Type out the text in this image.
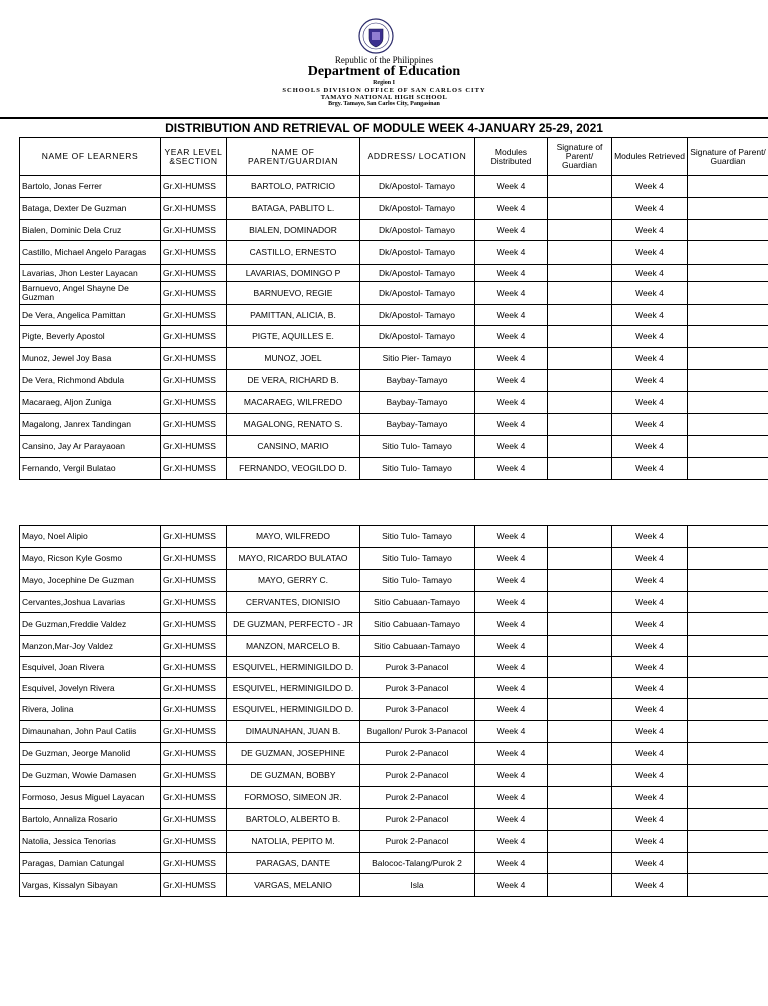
Republic of the Philippines
Department of Education
Region I
SCHOOLS DIVISION OFFICE OF SAN CARLOS CITY
TAMAYO NATIONAL HIGH SCHOOL
Brgy. Tamayo, San Carlos City, Pangasinan
DISTRIBUTION AND RETRIEVAL OF MODULE WEEK 4-JANUARY 25-29, 2021
NAME OF LEARNERS	YEAR LEVEL &SECTION	NAME OF PARENT/GUARDIAN	ADDRESS/ LOCATION	Modules Distributed	Signature of Parent/ Guardian	Modules Retrieved	Signature of Parent/ Guardian
Bartolo, Jonas Ferrer	Gr.XI-HUMSS	BARTOLO, PATRICIO	Dk/Apostol- Tamayo	Week 4		Week 4	
Bataga, Dexter De Guzman	Gr.XI-HUMSS	BATAGA, PABLITO L.	Dk/Apostol- Tamayo	Week 4		Week 4	
Bialen, Dominic Dela Cruz	Gr.XI-HUMSS	BIALEN, DOMINADOR	Dk/Apostol- Tamayo	Week 4		Week 4	
Castillo, Michael Angelo Paragas	Gr.XI-HUMSS	CASTILLO, ERNESTO	Dk/Apostol- Tamayo	Week 4		Week 4	
Lavarias, Jhon Lester Layacan	Gr.XI-HUMSS	LAVARIAS, DOMINGO P	Dk/Apostol- Tamayo	Week 4		Week 4	
Barnuevo, Angel Shayne De Guzman	Gr.XI-HUMSS	BARNUEVO, REGIE	Dk/Apostol- Tamayo	Week 4		Week 4	
De Vera, Angelica Pamittan	Gr.XI-HUMSS	PAMITTAN, ALICIA, B.	Dk/Apostol- Tamayo	Week 4		Week 4	
Pigte, Beverly Apostol	Gr.XI-HUMSS	PIGTE, AQUILLES E.	Dk/Apostol- Tamayo	Week 4		Week 4	
Munoz, Jewel Joy Basa	Gr.XI-HUMSS	MUNOZ, JOEL	Sitio Pier- Tamayo	Week 4		Week 4	
De Vera, Richmond Abdula	Gr.XI-HUMSS	DE VERA, RICHARD B.	Baybay-Tamayo	Week 4		Week 4	
Macaraeg, Aljon Zuniga	Gr.XI-HUMSS	MACARAEG, WILFREDO	Baybay-Tamayo	Week 4		Week 4	
Magalong, Janrex Tandingan	Gr.XI-HUMSS	MAGALONG, RENATO S.	Baybay-Tamayo	Week 4		Week 4	
Cansino, Jay Ar Parayaoan	Gr.XI-HUMSS	CANSINO, MARIO	Sitio Tulo- Tamayo	Week 4		Week 4	
Fernando, Vergil Bulatao	Gr.XI-HUMSS	FERNANDO, VEOGILDO D.	Sitio Tulo- Tamayo	Week 4		Week 4	
Mayo, Noel Alipio	Gr.XI-HUMSS	MAYO, WILFREDO	Sitio Tulo- Tamayo	Week 4		Week 4	
Mayo, Ricson Kyle Gosmo	Gr.XI-HUMSS	MAYO, RICARDO BULATAO	Sitio Tulo- Tamayo	Week 4		Week 4	
Mayo, Jocephine De Guzman	Gr.XI-HUMSS	MAYO, GERRY C.	Sitio Tulo- Tamayo	Week 4		Week 4	
Cervantes,Joshua Lavarias	Gr.XI-HUMSS	CERVANTES, DIONISIO	Sitio Cabuaan-Tamayo	Week 4		Week 4	
De Guzman,Freddie Valdez	Gr.XI-HUMSS	DE GUZMAN, PERFECTO - JR	Sitio Cabuaan-Tamayo	Week 4		Week 4	
Manzon,Mar-Joy Valdez	Gr.XI-HUMSS	MANZON, MARCELO B.	Sitio Cabuaan-Tamayo	Week 4		Week 4	
Esquivel, Joan Rivera	Gr.XI-HUMSS	ESQUIVEL, HERMINIGILDO D.	Purok 3-Panacol	Week 4		Week 4	
Esquivel, Jovelyn Rivera	Gr.XI-HUMSS	ESQUIVEL, HERMINIGILDO D.	Purok 3-Panacol	Week 4		Week 4	
Rivera, Jolina	Gr.XI-HUMSS	ESQUIVEL, HERMINIGILDO D.	Purok 3-Panacol	Week 4		Week 4	
Dimaunahan, John Paul Catiis	Gr.XI-HUMSS	DIMAUNAHAN, JUAN B.	Bugallon/ Purok 3-Panacol	Week 4		Week 4	
De Guzman, Jeorge Manolid	Gr.XI-HUMSS	DE GUZMAN, JOSEPHINE	Purok 2-Panacol	Week 4		Week 4	
De Guzman, Wowie Damasen	Gr.XI-HUMSS	DE GUZMAN, BOBBY	Purok 2-Panacol	Week 4		Week 4	
Formoso, Jesus Miguel Layacan	Gr.XI-HUMSS	FORMOSO, SIMEON JR.	Purok 2-Panacol	Week 4		Week 4	
Bartolo, Annaliza Rosario	Gr.XI-HUMSS	BARTOLO, ALBERTO B.	Purok 2-Panacol	Week 4		Week 4	
Natolia, Jessica Tenorias	Gr.XI-HUMSS	NATOLIA, PEPITO M.	Purok 2-Panacol	Week 4		Week 4	
Paragas, Damian Catungal	Gr.XI-HUMSS	PARAGAS, DANTE	Balococ-Talang/Purok 2	Week 4		Week 4	
Vargas, Kissalyn Sibayan	Gr.XI-HUMSS	VARGAS, MELANIO	Isla	Week 4		Week 4	
